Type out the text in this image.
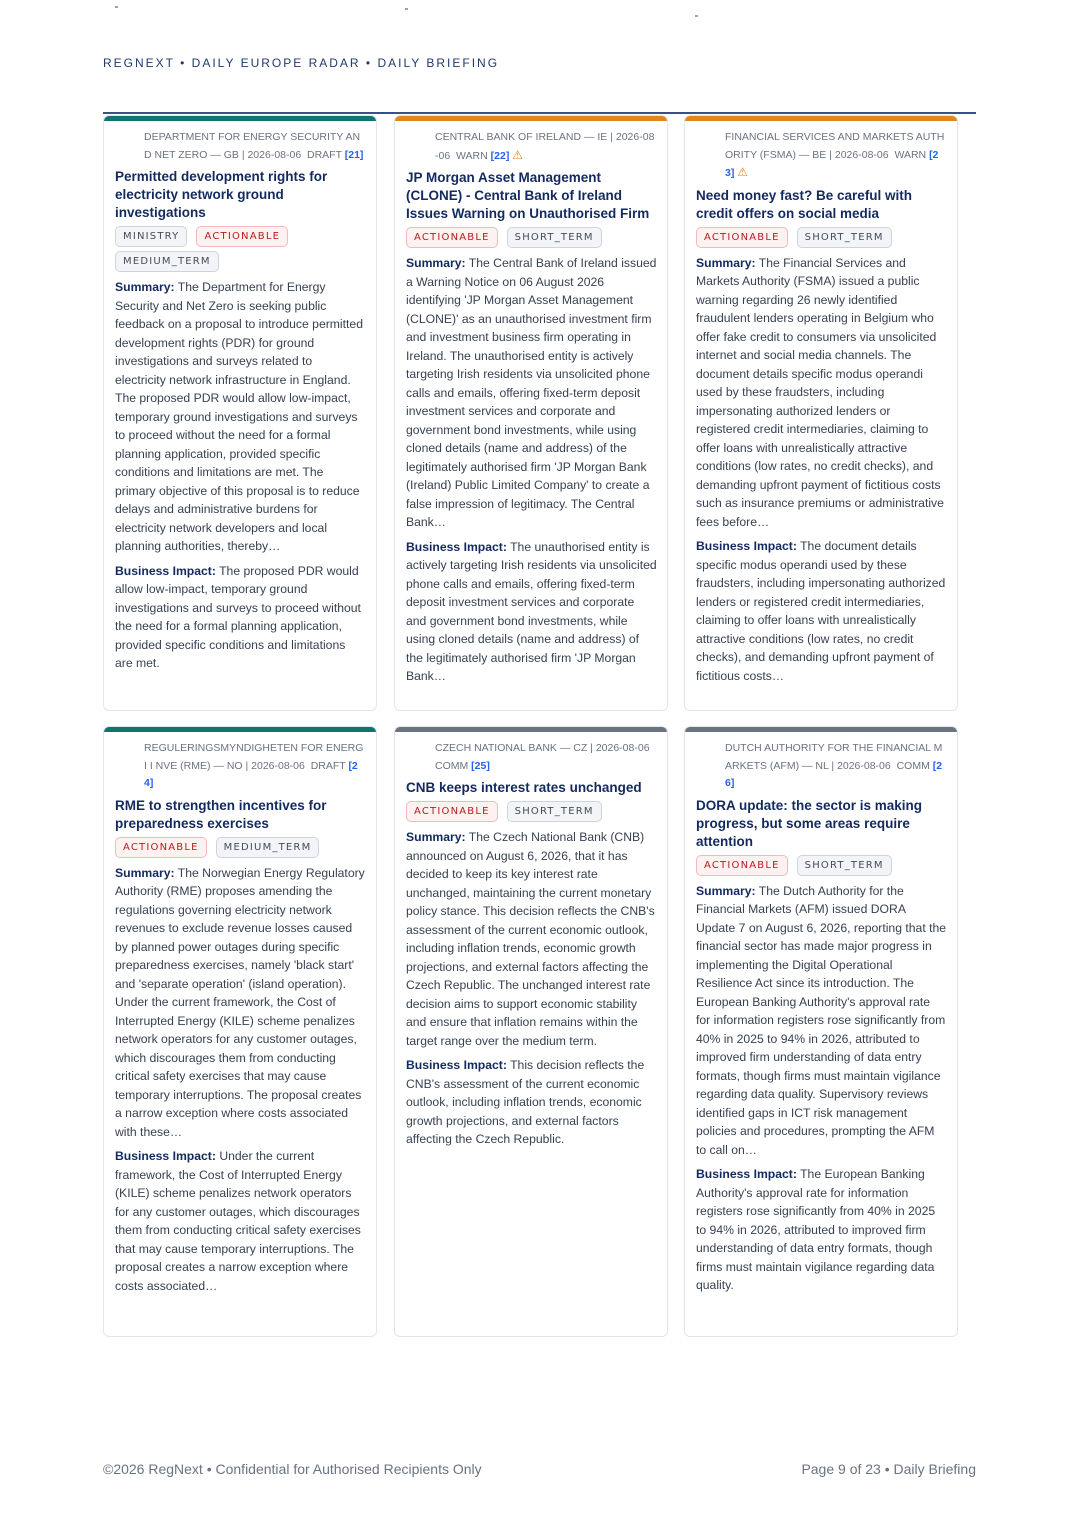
REGNEXT • DAILY EUROPE RADAR • DAILY BRIEFING
DEPARTMENT FOR ENERGY SECURITY AND NET ZERO — GB | 2026-08-06 DRAFT [21]
Permitted development rights for electricity network ground investigations
MINISTRY	ACTIONABLE
MEDIUM_TERM
Summary: The Department for Energy Security and Net Zero is seeking public feedback on a proposal to introduce permitted development rights (PDR) for ground investigations and surveys related to electricity network infrastructure in England. The proposed PDR would allow low-impact, temporary ground investigations and surveys to proceed without the need for a formal planning application, provided specific conditions and limitations are met. The primary objective of this proposal is to reduce delays and administrative burdens for electricity network developers and local planning authorities, thereby…
Business Impact: The proposed PDR would allow low-impact, temporary ground investigations and surveys to proceed without the need for a formal planning application, provided specific conditions and limitations are met.
CENTRAL BANK OF IRELAND — IE | 2026-08-06 WARN [22] ⚠
JP Morgan Asset Management (CLONE) - Central Bank of Ireland Issues Warning on Unauthorised Firm
ACTIONABLE	SHORT_TERM
Summary: The Central Bank of Ireland issued a Warning Notice on 06 August 2026 identifying 'JP Morgan Asset Management (CLONE)' as an unauthorised investment firm and investment business firm operating in Ireland. The unauthorised entity is actively targeting Irish residents via unsolicited phone calls and emails, offering fixed-term deposit investment services and corporate and government bond investments, while using cloned details (name and address) of the legitimately authorised firm 'JP Morgan Bank (Ireland) Public Limited Company' to create a false impression of legitimacy. The Central Bank…
Business Impact: The unauthorised entity is actively targeting Irish residents via unsolicited phone calls and emails, offering fixed-term deposit investment services and corporate and government bond investments, while using cloned details (name and address) of the legitimately authorised firm 'JP Morgan Bank…
FINANCIAL SERVICES AND MARKETS AUTHORITY (FSMA) — BE | 2026-08-06 WARN [23] ⚠
Need money fast? Be careful with credit offers on social media
ACTIONABLE	SHORT_TERM
Summary: The Financial Services and Markets Authority (FSMA) issued a public warning regarding 26 newly identified fraudulent lenders operating in Belgium who offer fake credit to consumers via unsolicited internet and social media channels. The document details specific modus operandi used by these fraudsters, including impersonating authorized lenders or registered credit intermediaries, claiming to offer loans with unrealistically attractive conditions (low rates, no credit checks), and demanding upfront payment of fictitious costs such as insurance premiums or administrative fees before…
Business Impact: The document details specific modus operandi used by these fraudsters, including impersonating authorized lenders or registered credit intermediaries, claiming to offer loans with unrealistically attractive conditions (low rates, no credit checks), and demanding upfront payment of fictitious costs…
REGULERINGSMYNDIGHETEN FOR ENERGI I NVE (RME) — NO | 2026-08-06 DRAFT [24]
RME to strengthen incentives for preparedness exercises
ACTIONABLE	MEDIUM_TERM
Summary: The Norwegian Energy Regulatory Authority (RME) proposes amending the regulations governing electricity network revenues to exclude revenue losses caused by planned power outages during specific preparedness exercises, namely 'black start' and 'separate operation' (island operation). Under the current framework, the Cost of Interrupted Energy (KILE) scheme penalizes network operators for any customer outages, which discourages them from conducting critical safety exercises that may cause temporary interruptions. The proposal creates a narrow exception where costs associated with these…
Business Impact: Under the current framework, the Cost of Interrupted Energy (KILE) scheme penalizes network operators for any customer outages, which discourages them from conducting critical safety exercises that may cause temporary interruptions. The proposal creates a narrow exception where costs associated…
CZECH NATIONAL BANK — CZ | 2026-08-06  COMM [25]
CNB keeps interest rates unchanged
ACTIONABLE	SHORT_TERM
Summary: The Czech National Bank (CNB) announced on August 6, 2026, that it has decided to keep its key interest rate unchanged, maintaining the current monetary policy stance. This decision reflects the CNB's assessment of the current economic outlook, including inflation trends, economic growth projections, and external factors affecting the Czech Republic. The unchanged interest rate decision aims to support economic stability and ensure that inflation remains within the target range over the medium term.
Business Impact: This decision reflects the CNB's assessment of the current economic outlook, including inflation trends, economic growth projections, and external factors affecting the Czech Republic.
DUTCH AUTHORITY FOR THE FINANCIAL MARKETS (AFM) — NL | 2026-08-06 COMM [26]
DORA update: the sector is making progress, but some areas require attention
ACTIONABLE	SHORT_TERM
Summary: The Dutch Authority for the Financial Markets (AFM) issued DORA Update 7 on August 6, 2026, reporting that the financial sector has made major progress in implementing the Digital Operational Resilience Act since its introduction. The European Banking Authority's approval rate for information registers rose significantly from 40% in 2025 to 94% in 2026, attributed to improved firm understanding of data entry formats, though firms must maintain vigilance regarding data quality. Supervisory reviews identified gaps in ICT risk management policies and procedures, prompting the AFM to call on…
Business Impact: The European Banking Authority's approval rate for information registers rose significantly from 40% in 2025 to 94% in 2026, attributed to improved firm understanding of data entry formats, though firms must maintain vigilance regarding data quality.
©2026 RegNext • Confidential for Authorised Recipients Only	Page 9 of 23 • Daily Briefing
